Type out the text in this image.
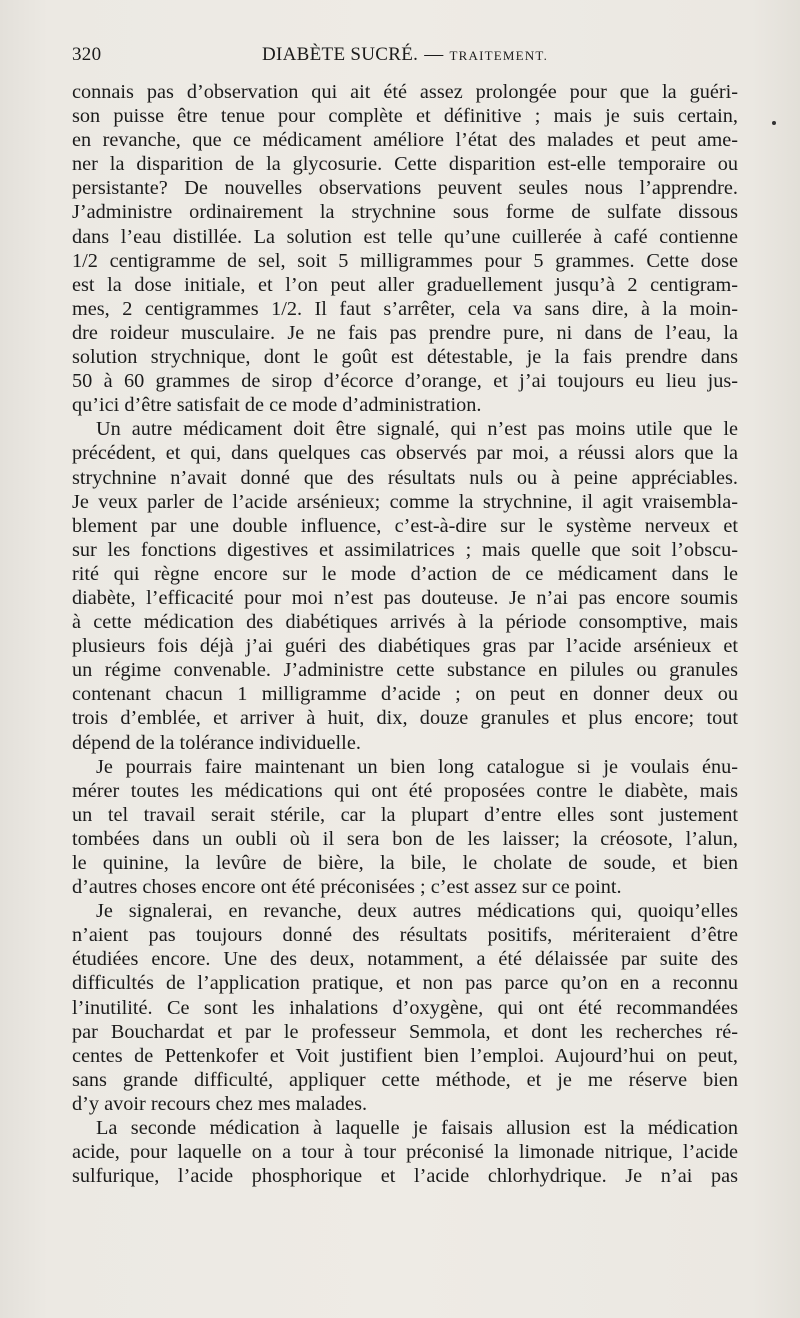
320	DIABÈTE SUCRÉ. — TRAITEMENT.
connais pas d’observation qui ait été assez prolongée pour que la guéri-
son puisse être tenue pour complète et définitive ; mais je suis certain,
en revanche, que ce médicament améliore l’état des malades et peut ame-
ner la disparition de la glycosurie. Cette disparition est-elle temporaire ou
persistante? De nouvelles observations peuvent seules nous l’apprendre.
J’administre ordinairement la strychnine sous forme de sulfate dissous
dans l’eau distillée. La solution est telle qu’une cuillerée à café contienne
1/2 centigramme de sel, soit 5 milligrammes pour 5 grammes. Cette dose
est la dose initiale, et l’on peut aller graduellement jusqu’à 2 centigram-
mes, 2 centigrammes 1/2. Il faut s’arrêter, cela va sans dire, à la moin-
dre roideur musculaire. Je ne fais pas prendre pure, ni dans de l’eau, la
solution strychnique, dont le goût est détestable, je la fais prendre dans
50 à 60 grammes de sirop d’écorce d’orange, et j’ai toujours eu lieu jus-
qu’ici d’être satisfait de ce mode d’administration.
Un autre médicament doit être signalé, qui n’est pas moins utile que le
précédent, et qui, dans quelques cas observés par moi, a réussi alors que la
strychnine n’avait donné que des résultats nuls ou à peine appréciables.
Je veux parler de l’acide arsénieux; comme la strychnine, il agit vraisembla-
blement par une double influence, c’est-à-dire sur le système nerveux et
sur les fonctions digestives et assimilatrices ; mais quelle que soit l’obscu-
rité qui règne encore sur le mode d’action de ce médicament dans le
diabète, l’efficacité pour moi n’est pas douteuse. Je n’ai pas encore soumis
à cette médication des diabétiques arrivés à la période consomptive, mais
plusieurs fois déjà j’ai guéri des diabétiques gras par l’acide arsénieux et
un régime convenable. J’administre cette substance en pilules ou granules
contenant chacun 1 milligramme d’acide ; on peut en donner deux ou
trois d’emblée, et arriver à huit, dix, douze granules et plus encore; tout
dépend de la tolérance individuelle.
Je pourrais faire maintenant un bien long catalogue si je voulais énu-
mérer toutes les médications qui ont été proposées contre le diabète, mais
un tel travail serait stérile, car la plupart d’entre elles sont justement
tombées dans un oubli où il sera bon de les laisser; la créosote, l’alun,
le quinine, la levûre de bière, la bile, le cholate de soude, et bien
d’autres choses encore ont été préconisées ; c’est assez sur ce point.
Je signalerai, en revanche, deux autres médications qui, quoiqu’elles
n’aient pas toujours donné des résultats positifs, mériteraient d’être
étudiées encore. Une des deux, notamment, a été délaissée par suite des
difficultés de l’application pratique, et non pas parce qu’on en a reconnu
l’inutilité. Ce sont les inhalations d’oxygène, qui ont été recommandées
par Bouchardat et par le professeur Semmola, et dont les recherches ré-
centes de Pettenkofer et Voit justifient bien l’emploi. Aujourd’hui on peut,
sans grande difficulté, appliquer cette méthode, et je me réserve bien
d’y avoir recours chez mes malades.
La seconde médication à laquelle je faisais allusion est la médication
acide, pour laquelle on a tour à tour préconisé la limonade nitrique, l’acide
sulfurique, l’acide phosphorique et l’acide chlorhydrique. Je n’ai pas
